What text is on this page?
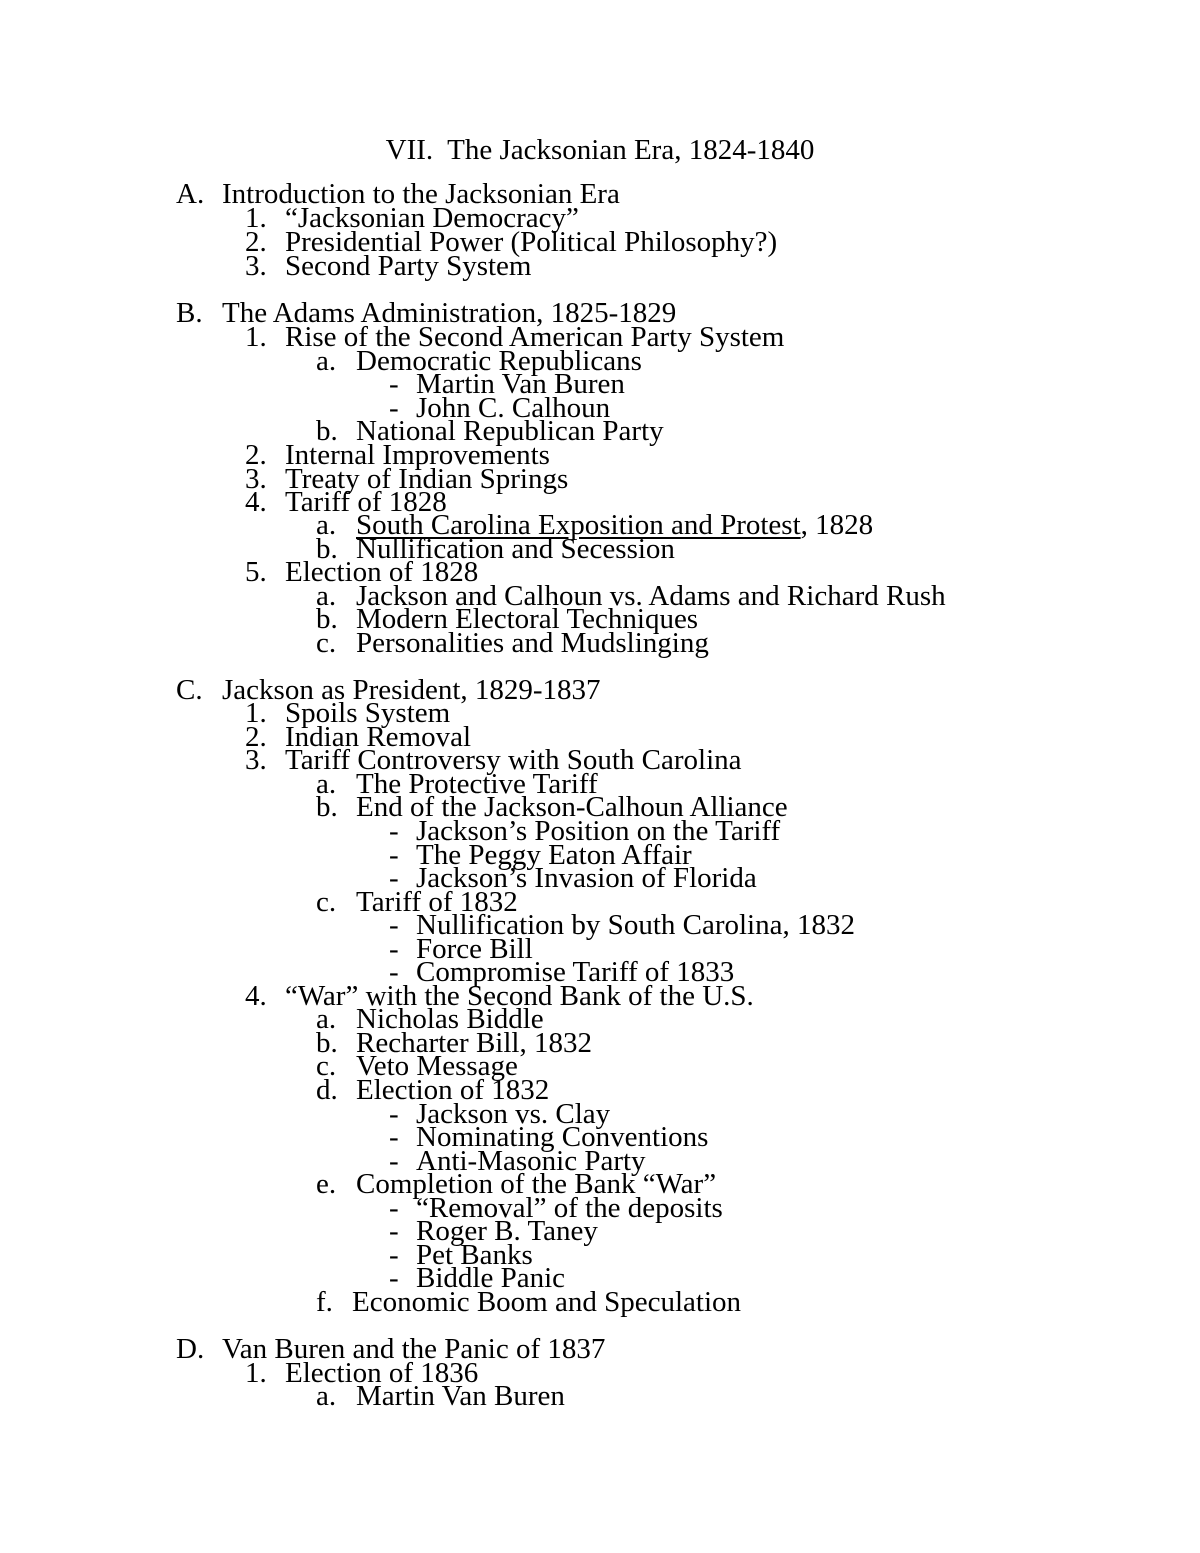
VII.  The Jacksonian Era, 1824-1840
A. Introduction to the Jacksonian Era
1. “Jacksonian Democracy”
2. Presidential Power (Political Philosophy?)
3. Second Party System
B. The Adams Administration, 1825-1829
1. Rise of the Second American Party System
a. Democratic Republicans
- Martin Van Buren
- John C. Calhoun
b. National Republican Party
2. Internal Improvements
3. Treaty of Indian Springs
4. Tariff of 1828
a. South Carolina Exposition and Protest, 1828
b. Nullification and Secession
5. Election of 1828
a. Jackson and Calhoun vs. Adams and Richard Rush
b. Modern Electoral Techniques
c. Personalities and Mudslinging
C. Jackson as President, 1829-1837
1. Spoils System
2. Indian Removal
3. Tariff Controversy with South Carolina
a. The Protective Tariff
b. End of the Jackson-Calhoun Alliance
- Jackson’s Position on the Tariff
- The Peggy Eaton Affair
- Jackson’s Invasion of Florida
c. Tariff of 1832
- Nullification by South Carolina, 1832
- Force Bill
- Compromise Tariff of 1833
4. “War” with the Second Bank of the U.S.
a. Nicholas Biddle
b. Recharter Bill, 1832
c. Veto Message
d. Election of 1832
- Jackson vs. Clay
- Nominating Conventions
- Anti-Masonic Party
e. Completion of the Bank “War”
- “Removal” of the deposits
- Roger B. Taney
- Pet Banks
- Biddle Panic
f. Economic Boom and Speculation
D. Van Buren and the Panic of 1837
1. Election of 1836
a. Martin Van Buren
